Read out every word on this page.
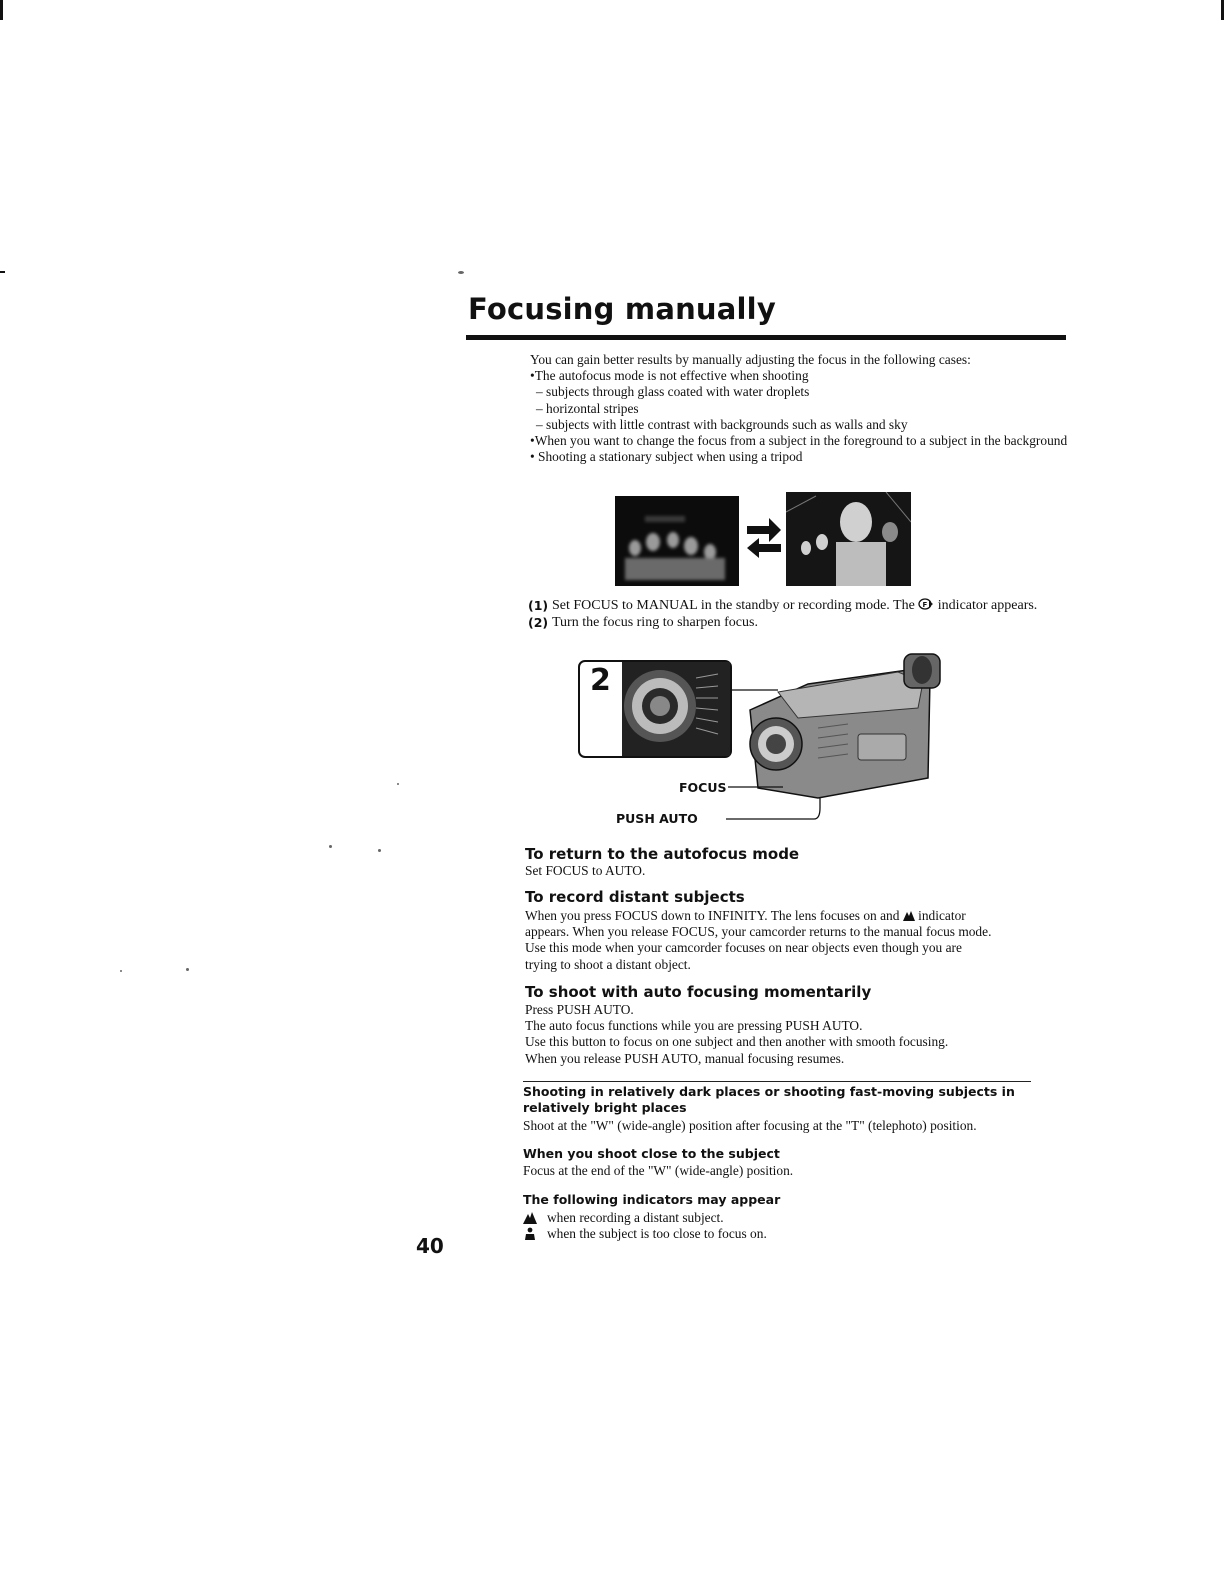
Focusing manually
You can gain better results by manually adjusting the focus in the following cases:
•The autofocus mode is not effective when shooting
– subjects through glass coated with water droplets
– horizontal stripes
– subjects with little contrast with backgrounds such as walls and sky
•When you want to change the focus from a subject in the foreground to a subject in the background
• Shooting a stationary subject when using a tripod
(1) Set FOCUS to MANUAL in the standby or recording mode. The F indicator appears.
(2) Turn the focus ring to sharpen focus.
2
FOCUS
PUSH AUTO
To return to the autofocus mode
Set FOCUS to AUTO.
To record distant subjects
When you press FOCUS down to INFINITY. The lens focuses on and indicator
appears. When you release FOCUS, your camcorder returns to the manual focus mode.
Use this mode when your camcorder focuses on near objects even though you are
trying to shoot a distant object.
To shoot with auto focusing momentarily
Press PUSH AUTO.
The auto focus functions while you are pressing PUSH AUTO.
Use this button to focus on one subject and then another with smooth focusing.
When you release PUSH AUTO, manual focusing resumes.
Shooting in relatively dark places or shooting fast-moving subjects in relatively bright places
Shoot at the "W" (wide-angle) position after focusing at the "T" (telephoto) position.
When you shoot close to the subject
Focus at the end of the "W" (wide-angle) position.
The following indicators may appear
when recording a distant subject.
when the subject is too close to focus on.
40
